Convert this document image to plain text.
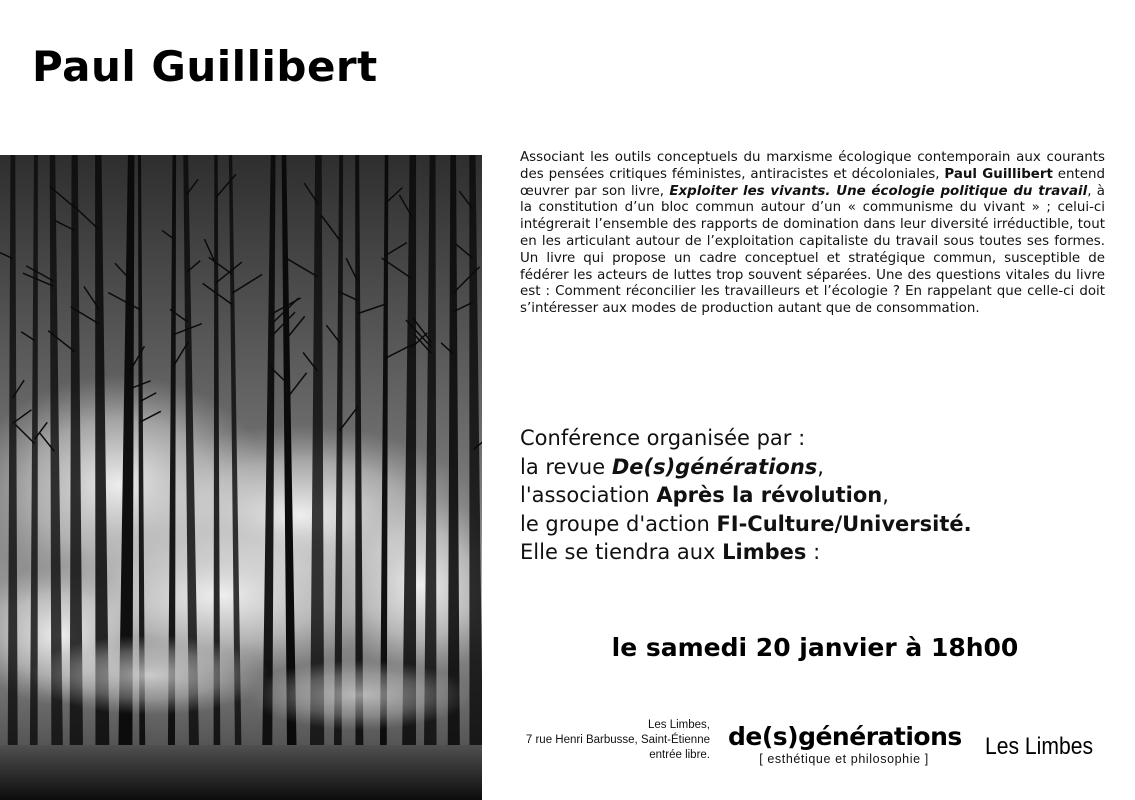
Paul Guillibert

Associant les outils conceptuels du marxisme écologique contemporain aux courants des pensées critiques féministes, antiracistes et décoloniales, Paul Guillibert entend œuvrer par son livre, Exploiter les vivants. Une écologie politique du travail, à la constitution d’un bloc commun autour d’un « communisme du vivant » ; celui-ci intégrerait l’ensemble des rapports de domination dans leur diversité irréductible, tout en les articulant autour de l’exploitation capitaliste du travail sous toutes ses formes. Un livre qui propose un cadre conceptuel et stratégique commun, susceptible de fédérer les acteurs de luttes trop souvent séparées. Une des questions vitales du livre est : Comment réconcilier les travailleurs et l’écologie ? En rappelant que celle-ci doit s’intéresser aux modes de production autant que de consommation.

Conférence organisée par :
la revue De(s)générations,
l'association Après la révolution,
le groupe d'action FI-Culture/Université.
Elle se tiendra aux Limbes :
le samedi 20 janvier à 18h00
Les Limbes,
7 rue Henri Barbusse, Saint-Étienne
entrée libre.
de(s)générations
[ esthétique et philosophie ]	Les Limbes
